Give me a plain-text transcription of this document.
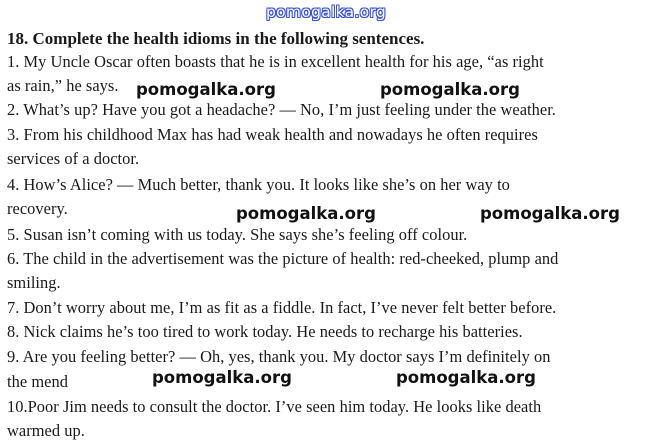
pomogalka.org
18. Complete the health idioms in the following sentences.
1. My Uncle Oscar often boasts that he is in excellent health for his age, “as right
as rain,” he says.
2. What’s up? Have you got a headache? — No, I’m just feeling under the weather.
3. From his childhood Max has had weak health and nowadays he often requires
services of a doctor.
4. How’s Alice? — Much better, thank you. It looks like she’s on her way to
recovery.
5. Susan isn’t coming with us today. She says she’s feeling off colour.
6. The child in the advertisement was the picture of health: red-cheeked, plump and
smiling.
7. Don’t worry about me, I’m as fit as a fiddle. In fact, I’ve never felt better before.
8. Nick claims he’s too tired to work today. He needs to recharge his batteries.
9. Are you feeling better? — Oh, yes, thank you. My doctor says I’m definitely on
the mend
10.Poor Jim needs to consult the doctor. I’ve seen him today. He looks like death
warmed up.
pomogalka.org	pomogalka.org
pomogalka.org	pomogalka.org
pomogalka.org	pomogalka.org
